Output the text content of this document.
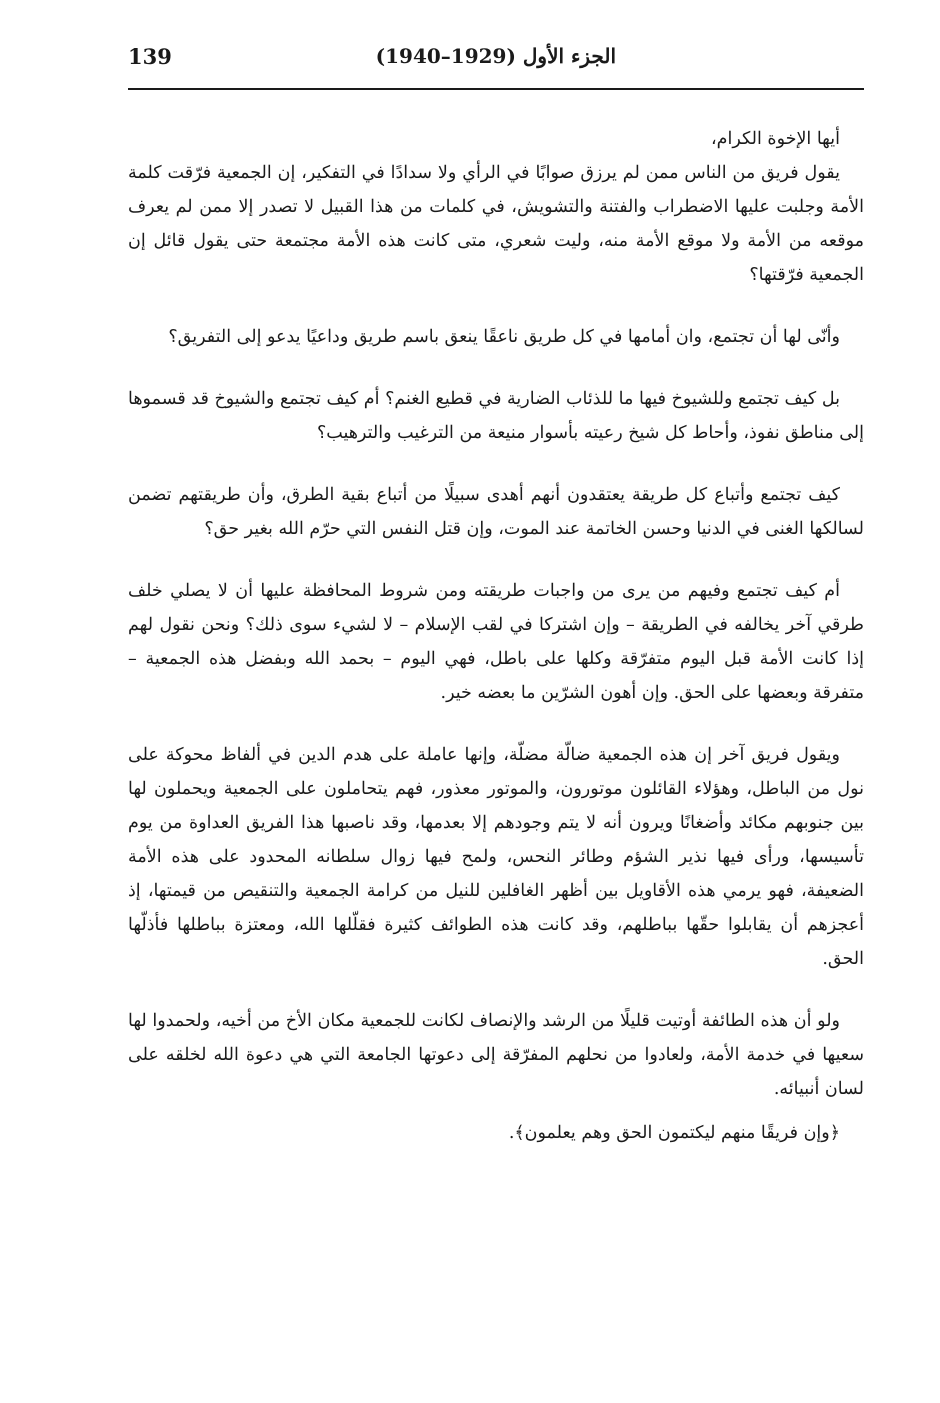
139	الجزء الأول (1929–1940)

أيها الإخوة الكرام،

يقول فريق من الناس ممن لم يرزق صوابًا في الرأي ولا سدادًا في التفكير، إن الجمعية فرّقت كلمة الأمة وجلبت عليها الاضطراب والفتنة والتشويش، في كلمات من هذا القبيل لا تصدر إلا ممن لم يعرف موقعه من الأمة ولا موقع الأمة منه، وليت شعري، متى كانت هذه الأمة مجتمعة حتى يقول قائل إن الجمعية فرّقتها؟

وأنّى لها أن تجتمع، وان أمامها في كل طريق ناعقًا ينعق باسم طريق وداعيًا يدعو إلى التفريق؟

بل كيف تجتمع وللشيوخ فيها ما للذئاب الضارية في قطيع الغنم؟ أم كيف تجتمع والشيوخ قد قسموها إلى مناطق نفوذ، وأحاط كل شيخ رعيته بأسوار منيعة من الترغيب والترهيب؟

كيف تجتمع وأتباع كل طريقة يعتقدون أنهم أهدى سبيلًا من أتباع بقية الطرق، وأن طريقتهم تضمن لسالكها الغنى في الدنيا وحسن الخاتمة عند الموت، وإن قتل النفس التي حرّم الله بغير حق؟

أم كيف تجتمع وفيهم من يرى من واجبات طريقته ومن شروط المحافظة عليها أن لا يصلي خلف طرقي آخر يخالفه في الطريقة – وإن اشتركا في لقب الإسلام – لا لشيء سوى ذلك؟ ونحن نقول لهم إذا كانت الأمة قبل اليوم متفرّقة وكلها على باطل، فهي اليوم – بحمد الله وبفضل هذه الجمعية – متفرقة وبعضها على الحق. وإن أهون الشرّين ما بعضه خير.

ويقول فريق آخر إن هذه الجمعية ضالّة مضلّة، وإنها عاملة على هدم الدين في ألفاظ محوكة على نول من الباطل، وهؤلاء القائلون موتورون، والموتور معذور، فهم يتحاملون على الجمعية ويحملون لها بين جنوبهم مكائد وأضغانًا ويرون أنه لا يتم وجودهم إلا بعدمها، وقد ناصبها هذا الفريق العداوة من يوم تأسيسها، ورأى فيها نذير الشؤم وطائر النحس، ولمح فيها زوال سلطانه المحدود على هذه الأمة الضعيفة، فهو يرمي هذه الأقاويل بين أظهر الغافلين للنيل من كرامة الجمعية والتنقيص من قيمتها، إذ أعجزهم أن يقابلوا حقّها بباطلهم، وقد كانت هذه الطوائف كثيرة فقلّلها الله، ومعتزة بباطلها فأذلّها الحق.

ولو أن هذه الطائفة أوتيت قليلًا من الرشد والإنصاف لكانت للجمعية مكان الأخ من أخيه، ولحمدوا لها سعيها في خدمة الأمة، ولعادوا من نحلهم المفرّقة إلى دعوتها الجامعة التي هي دعوة الله لخلقه على لسان أنبيائه.

﴿وإن فريقًا منهم ليكتمون الحق وهم يعلمون﴾.
